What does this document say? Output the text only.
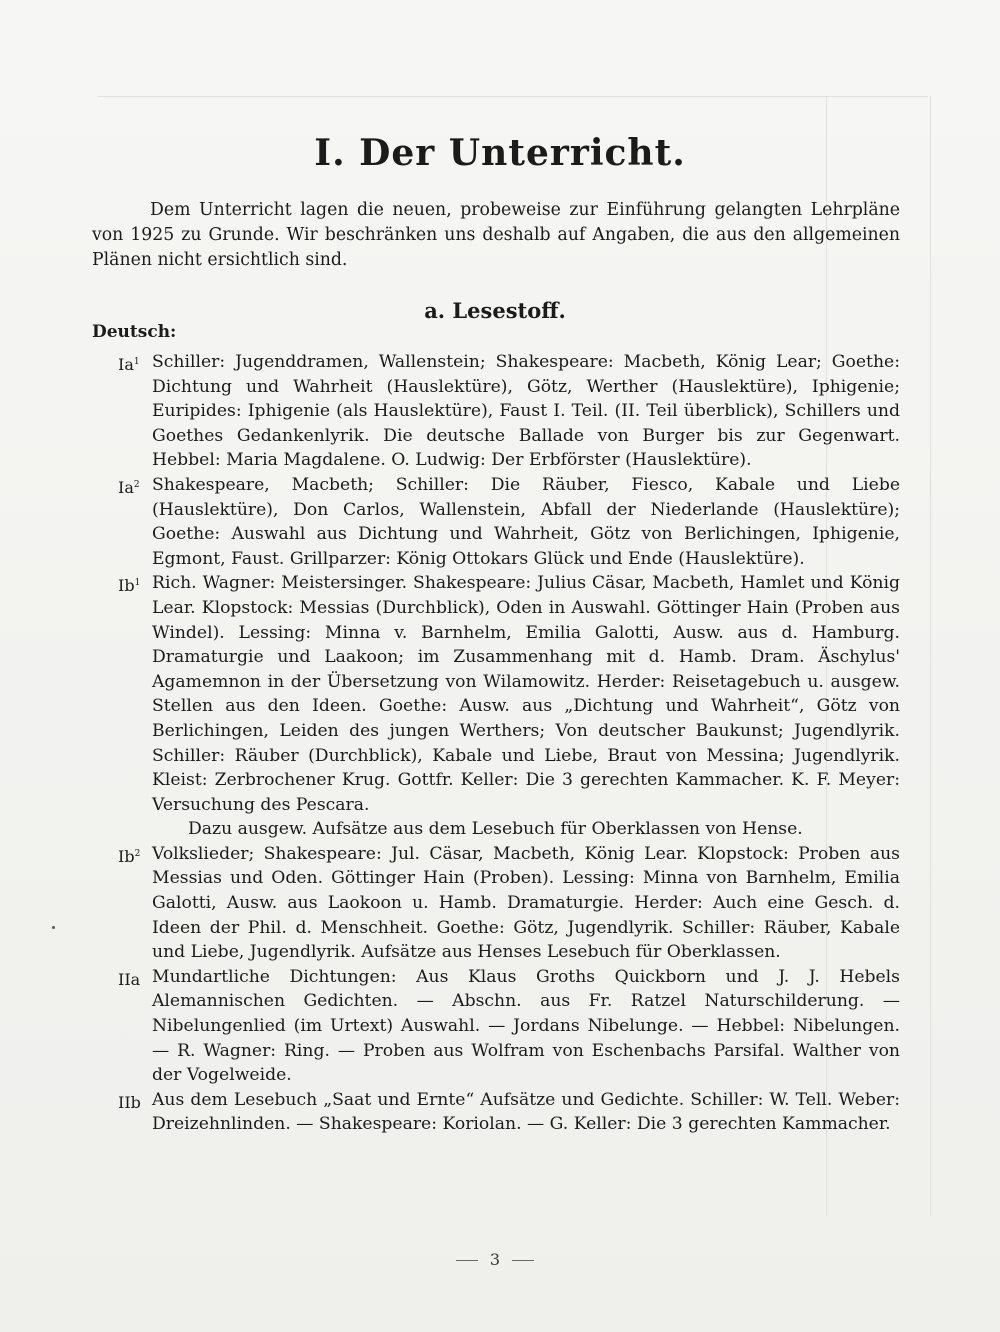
I. Der Unterricht.
Dem Unterricht lagen die neuen, probeweise zur Einführung gelangten Lehrpläne von 1925 zu Grunde. Wir beschränken uns deshalb auf Angaben, die aus den allgemeinen Plänen nicht ersichtlich sind.
a. Lesestoff.
Deutsch:
Ia$^1$ Schiller: Jugenddramen, Wallenstein; Shakespeare: Macbeth, König Lear; Goethe: Dichtung und Wahrheit (Hauslektüre), Götz, Werther (Hauslektüre), Iphigenie; Euripides: Iphigenie (als Hauslektüre), Faust I. Teil. (II. Teil überblick), Schillers und Goethes Gedankenlyrik. Die deutsche Ballade von Burger bis zur Gegenwart. Hebbel: Maria Magdalene. O. Ludwig: Der Erbförster (Hauslektüre).
Ia$^2$ Shakespeare, Macbeth; Schiller: Die Räuber, Fiesco, Kabale und Liebe (Hauslektüre), Don Carlos, Wallenstein, Abfall der Niederlande (Hauslektüre); Goethe: Auswahl aus Dichtung und Wahrheit, Götz von Berlichingen, Iphigenie, Egmont, Faust. Grillparzer: König Ottokars Glück und Ende (Hauslektüre).
Ib$^1$ Rich. Wagner: Meistersinger. Shakespeare: Julius Cäsar, Macbeth, Hamlet und König Lear. Klopstock: Messias (Durchblick), Oden in Auswahl. Göttinger Hain (Proben aus Windel). Lessing: Minna v. Barnhelm, Emilia Galotti, Ausw. aus d. Hamburg. Dramaturgie und Laakoon; im Zusammenhang mit d. Hamb. Dram. Äschylus' Agamemnon in der Übersetzung von Wilamowitz. Herder: Reisetagebuch u. ausgew. Stellen aus den Ideen. Goethe: Ausw. aus „Dichtung und Wahrheit“, Götz von Berlichingen, Leiden des jungen Werthers; Von deutscher Baukunst; Jugendlyrik. Schiller: Räuber (Durchblick), Kabale und Liebe, Braut von Messina; Jugendlyrik. Kleist: Zerbrochener Krug. Gottfr. Keller: Die 3 gerechten Kammacher. K. F. Meyer: Versuchung des Pescara.
Dazu ausgew. Aufsätze aus dem Lesebuch für Oberklassen von Hense.
Ib$^2$ Volkslieder; Shakespeare: Jul. Cäsar, Macbeth, König Lear. Klopstock: Proben aus Messias und Oden. Göttinger Hain (Proben). Lessing: Minna von Barnhelm, Emilia Galotti, Ausw. aus Laokoon u. Hamb. Dramaturgie. Herder: Auch eine Gesch. d. Ideen der Phil. d. Menschheit. Goethe: Götz, Jugendlyrik. Schiller: Räuber, Kabale und Liebe, Jugendlyrik. Aufsätze aus Henses Lesebuch für Oberklassen.
IIa Mundartliche Dichtungen: Aus Klaus Groths Quickborn und J. J. Hebels Alemannischen Gedichten. — Abschn. aus Fr. Ratzel Naturschilderung. — Nibelungenlied (im Urtext) Auswahl. — Jordans Nibelunge. — Hebbel: Nibelungen. — R. Wagner: Ring. — Proben aus Wolfram von Eschenbachs Parsifal. Walther von der Vogelweide.
IIb Aus dem Lesebuch „Saat und Ernte“ Aufsätze und Gedichte. Schiller: W. Tell. Weber: Dreizehnlinden. — Shakespeare: Koriolan. — G. Keller: Die 3 gerechten Kammacher.
3
